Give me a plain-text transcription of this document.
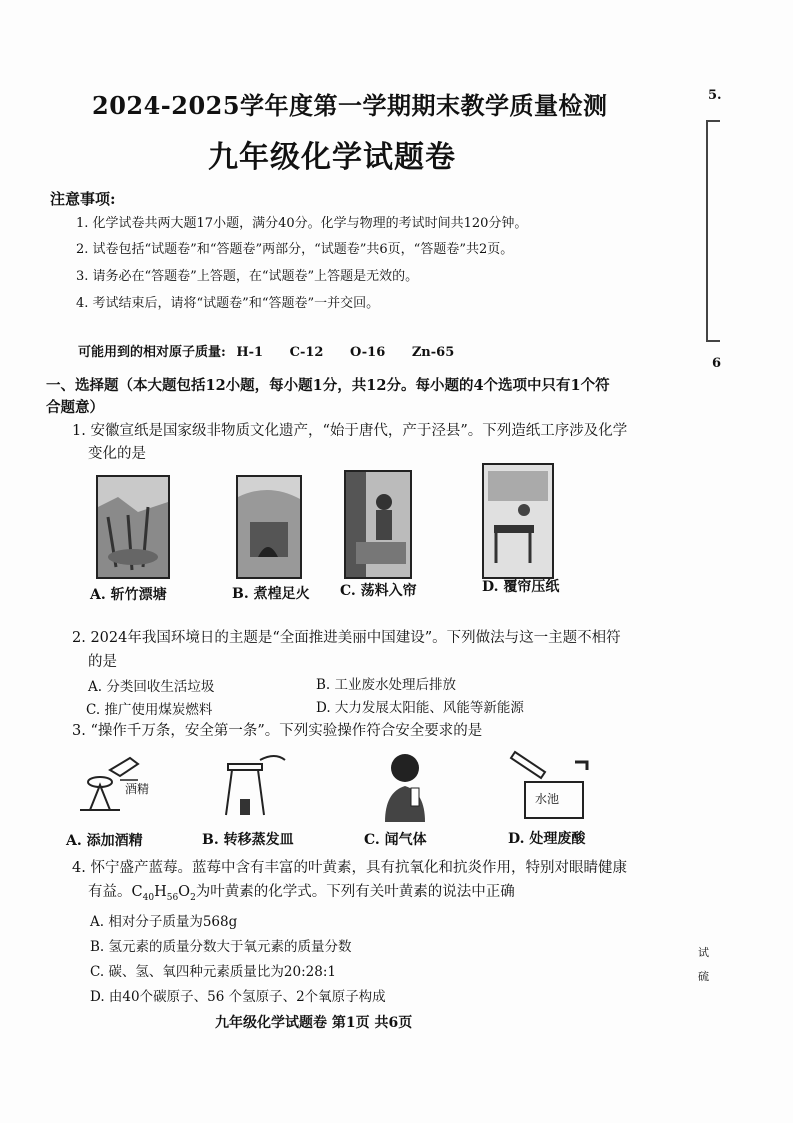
2024-2025学年度第一学期期末教学质量检测
九年级化学试题卷
注意事项:
1. 化学试卷共两大题17小题，满分40分。化学与物理的考试时间共120分钟。
2. 试卷包括“试题卷”和“答题卷”两部分，“试题卷”共6页，“答题卷”共2页。
3. 请务必在“答题卷”上答题，在“试题卷”上答题是无效的。
4. 考试结束后，请将“试题卷”和“答题卷”一并交回。
可能用到的相对原子质量: H-1 C-12 O-16 Zn-65
一、选择题（本大题包括12小题，每小题1分，共12分。每小题的4个选项中只有1个符合题意）
1. 安徽宣纸是国家级非物质文化遗产，“始于唐代，产于泾县”。下列造纸工序涉及化学
变化的是
A. 斩竹漂塘	B. 煮楻足火 C. 荡料入帘	D. 覆帘压纸
2. 2024年我国环境日的主题是“全面推进美丽中国建设”。下列做法与这一主题不相符
的是
A. 分类回收生活垃圾	B. 工业废水处理后排放
C. 推广使用煤炭燃料	D. 大力发展太阳能、风能等新能源
3. “操作千万条，安全第一条”。下列实验操作符合安全要求的是
酒精
水池
A. 添加酒精	B. 转移蒸发皿	C. 闻气体	D. 处理废酸
4. 怀宁盛产蓝莓。蓝莓中含有丰富的叶黄素，具有抗氧化和抗炎作用，特别对眼睛健康
有益。$C_{40}H_{56}O_2$为叶黄素的化学式。下列有关叶黄素的说法中正确
A. 相对分子质量为568g
B. 氢元素的质量分数大于氧元素的质量分数
C. 碳、氢、氧四种元素质量比为20:28:1
D. 由40个碳原子、56 个氢原子、2个氧原子构成
九年级化学试题卷 第1页 共6页
5.
6
试
硫
